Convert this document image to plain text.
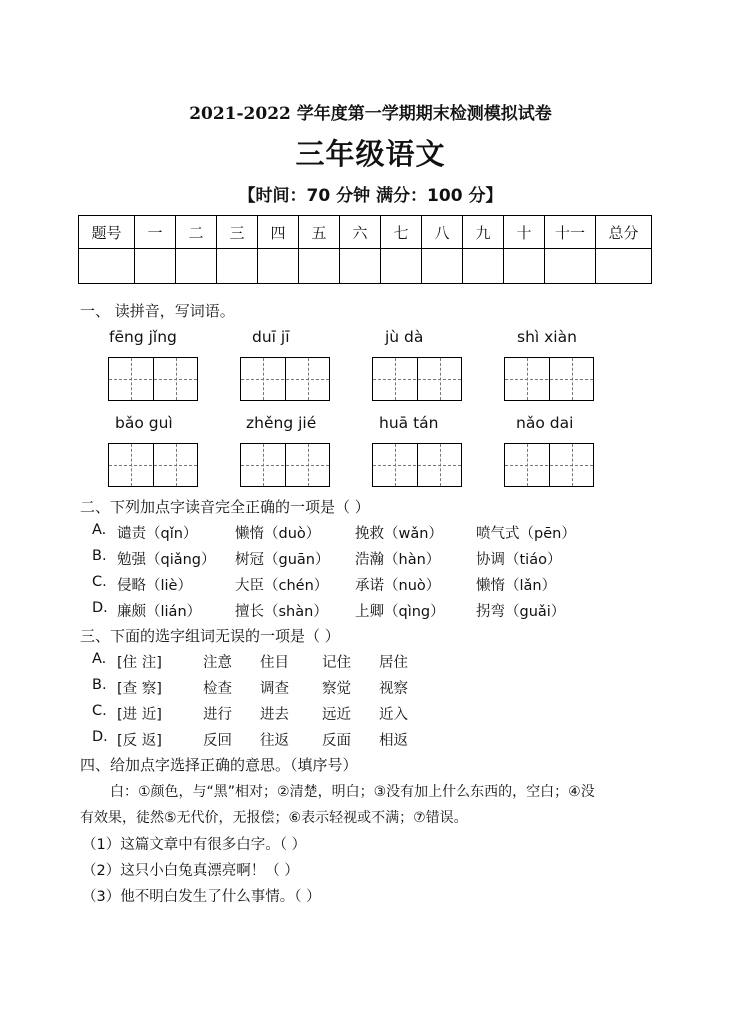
2021-2022 学年度第一学期期末检测模拟试卷
三年级语文
【时间：70 分钟 满分：100 分】
题号	一	二	三	四	五	六	七	八	九	十	十一	总分

一、 读拼音，写词语。
fēng jǐng	duī jī	jù dà	shì xiàn
bǎo guì	zhěng jié	huā tán	nǎo dai
二、下列加点字读音完全正确的一项是（ ）
A. 谴责（qǐn）	懒惰（duò） 挽救（wǎn） 喷气式（pēn）
B. 勉强（qiǎng） 树冠（guān） 浩瀚（hàn） 协调（tiáo）
C. 侵略（liè）	大臣（chén） 承诺（nuò） 懒惰（lǎn）
D. 廉颇（lián） 擅长（shàn） 上卿（qìng） 拐弯（guǎi）
三、下面的选字组词无误的一项是（ ）
A. [住 注]	注意 住目 记住 居住
B. [查 察]	检查 调查 察觉 视察
C. [进 近]	进行 进去 远近 近入
D. [反 返]	反回 往返 反面 相返
四、给加点字选择正确的意思。（填序号）
白：①颜色，与“黑”相对；②清楚，明白；③没有加上什么东西的，空白；④没
有效果，徒然⑤无代价，无报偿；⑥表示轻视或不满；⑦错误。
（1）这篇文章中有很多白字。（ ）
（2）这只小白兔真漂亮啊！（ ）
（3）他不明白发生了什么事情。（ ）
